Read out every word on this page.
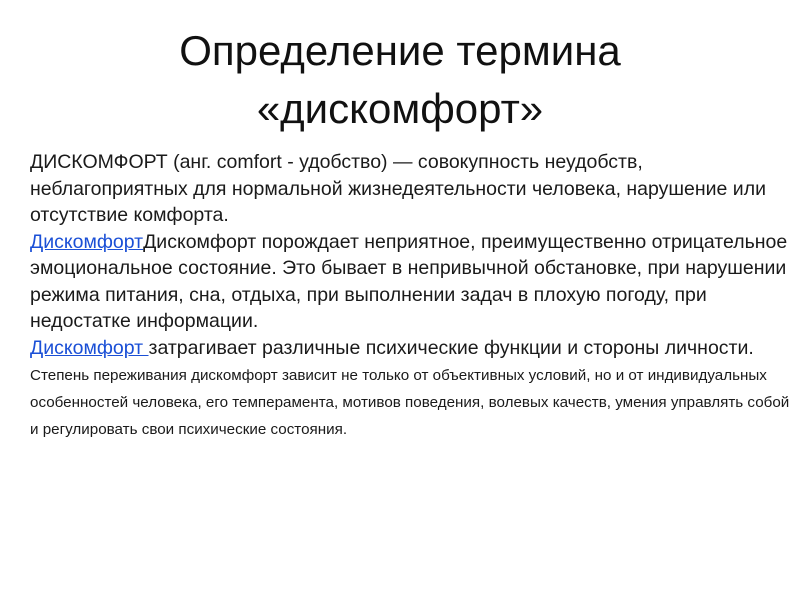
Определение термина
«дискомфорт»

ДИСКОМФОРТ (анг. comfort - удобство) — совокупность неудобств, неблагоприятных для нормальной жизнедеятельности человека, нарушение или отсутствие комфорта.
ДискомфортДискомфорт порождает неприятное, преимущественно отрицательное эмоциональное состояние. Это бывает в непривычной обстановке, при нарушении режима питания, сна, отдыха, при выполнении задач в плохую погоду, при недостатке информации.
Дискомфорт затрагивает различные психические функции и стороны личности. Степень переживания дискомфорт зависит не только от объективных условий, но и от индивидуальных особенностей человека, его темперамента, мотивов поведения, волевых качеств, умения управлять собой и регулировать свои психические состояния.
